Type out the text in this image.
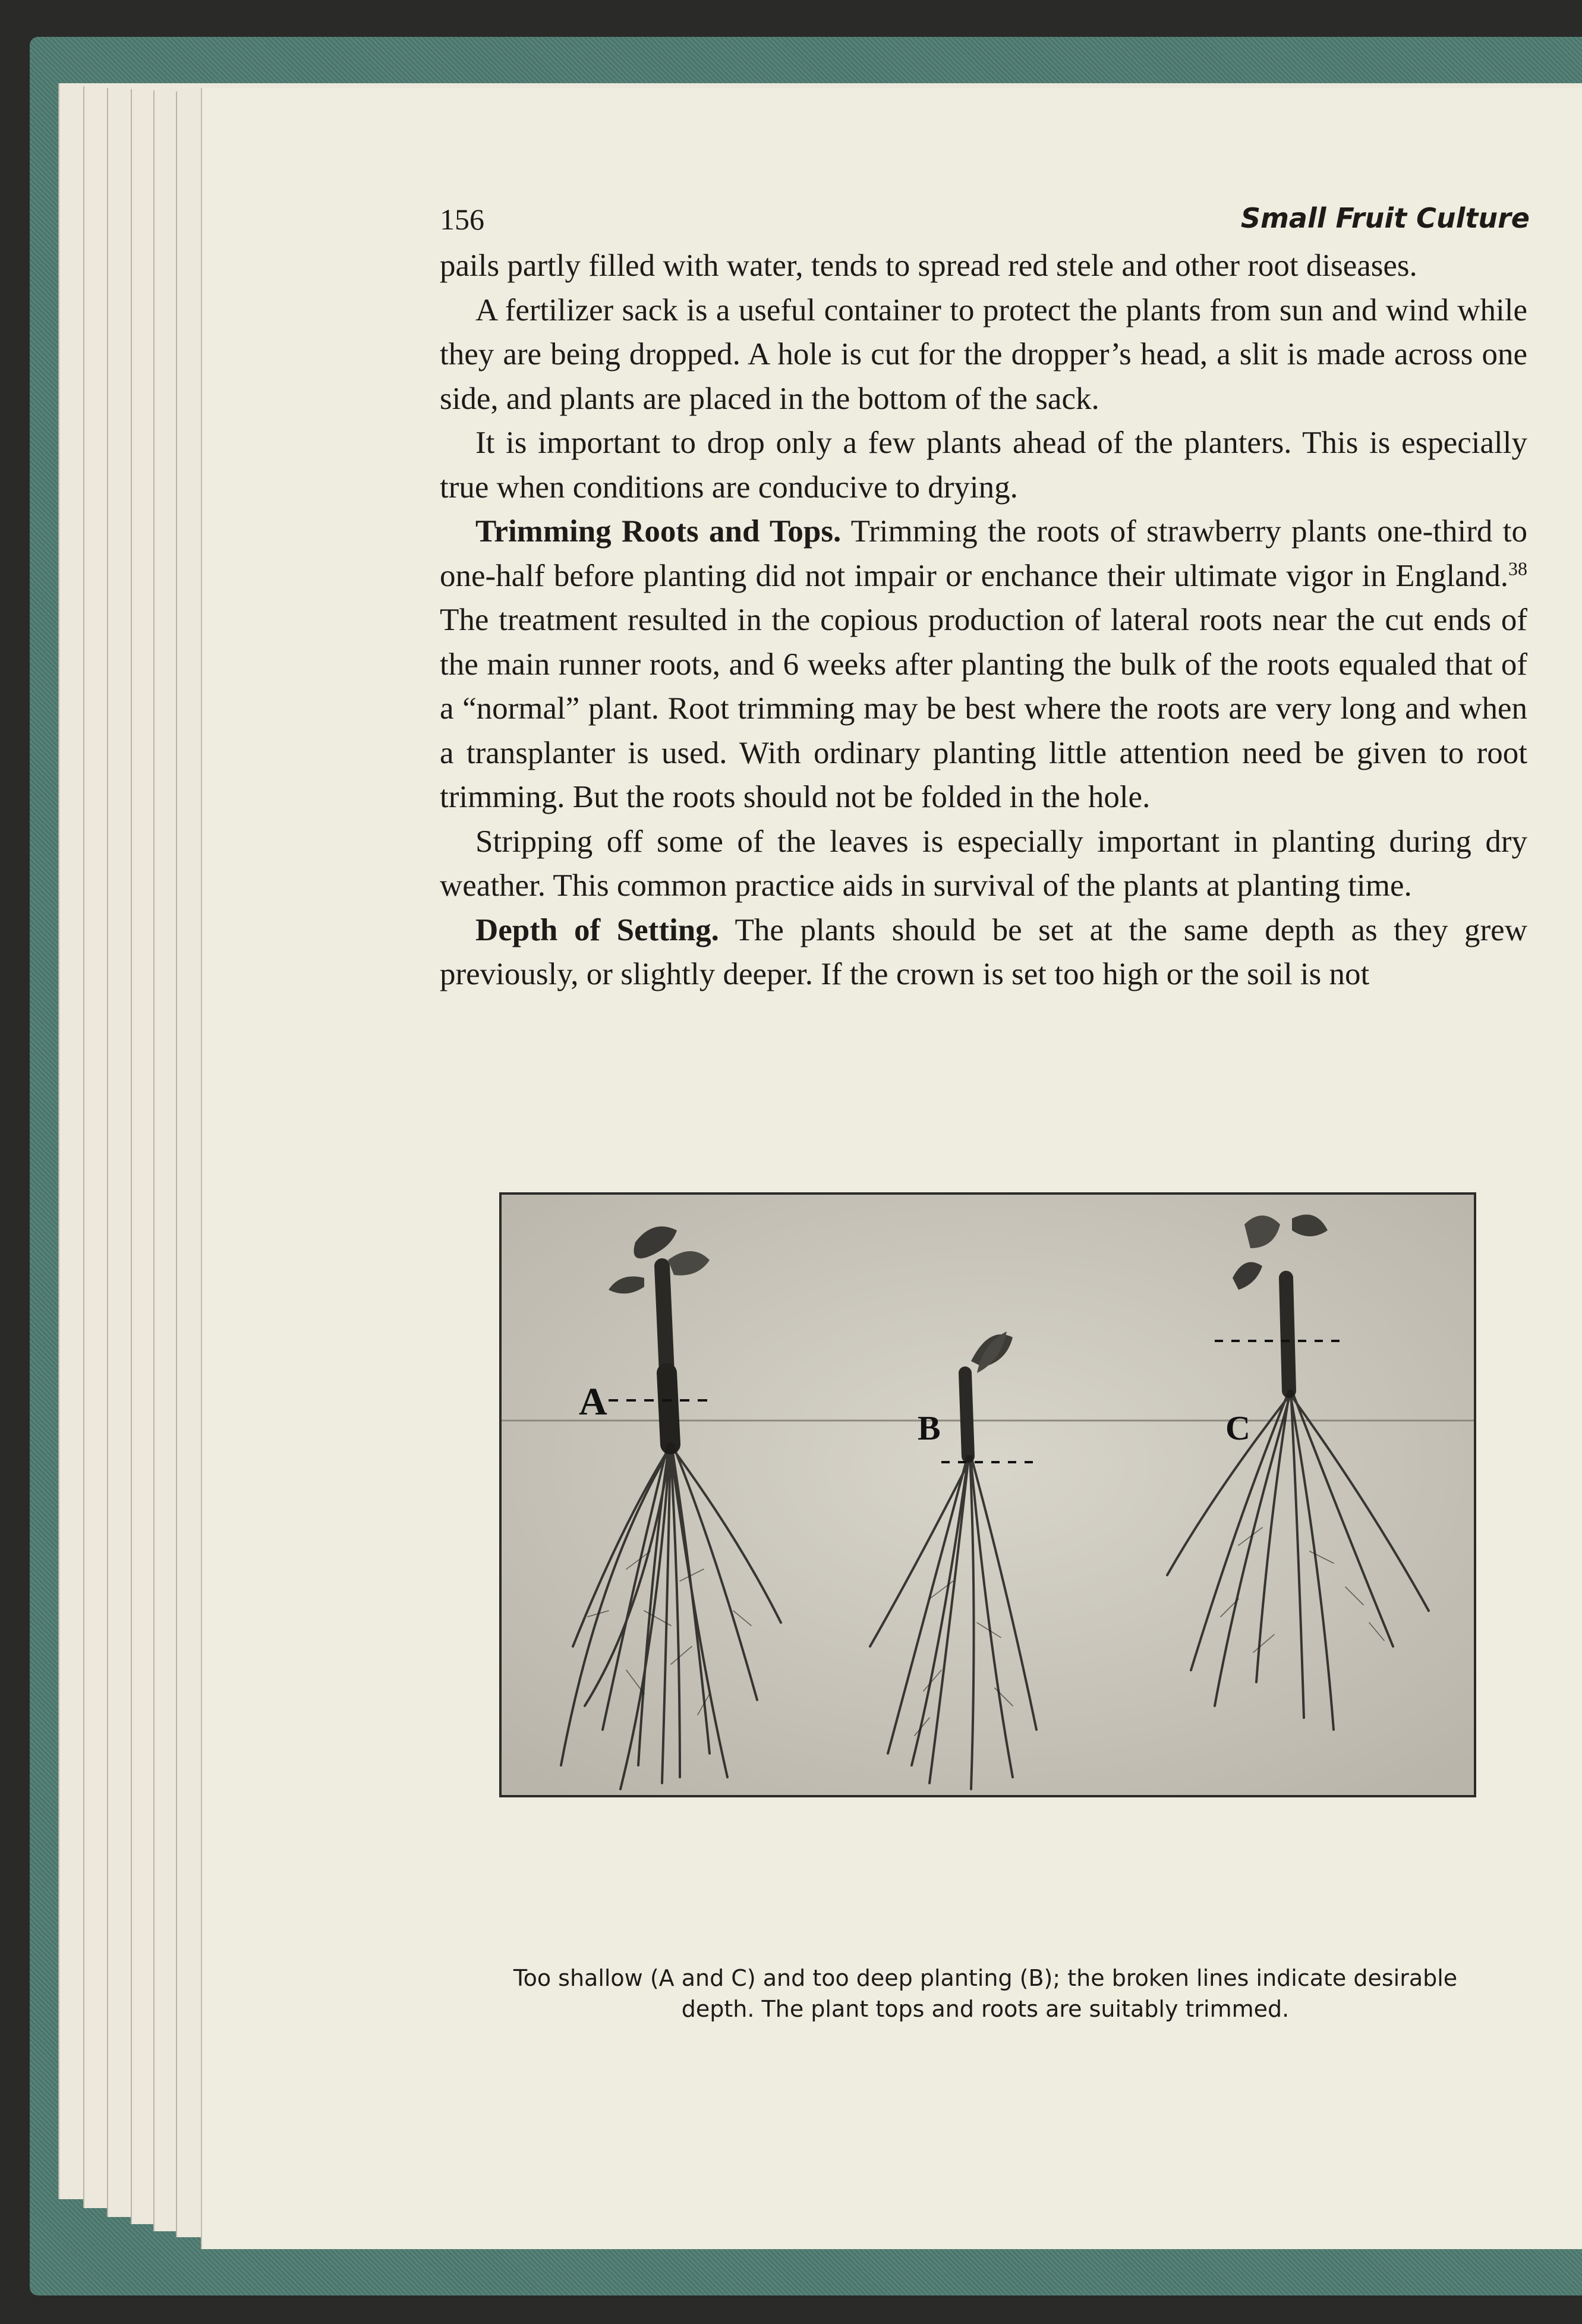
156	Small Fruit Culture

pails partly filled with water, tends to spread red stele and other root diseases.

A fertilizer sack is a useful container to protect the plants from sun and wind while they are being dropped. A hole is cut for the dropper’s head, a slit is made across one side, and plants are placed in the bottom of the sack.

It is important to drop only a few plants ahead of the planters. This is especially true when conditions are conducive to drying.

Trimming Roots and Tops. Trimming the roots of strawberry plants one-third to one-half before planting did not impair or enchance their ultimate vigor in England.$^{38}$ The treatment resulted in the copious production of lateral roots near the cut ends of the main runner roots, and 6 weeks after planting the bulk of the roots equaled that of a “normal” plant. Root trimming may be best where the roots are very long and when a transplanter is used. With ordinary planting little attention need be given to root trimming. But the roots should not be folded in the hole.

Stripping off some of the leaves is especially important in planting during dry weather. This common practice aids in survival of the plants at planting time.

Depth of Setting. The plants should be set at the same depth as they grew previously, or slightly deeper. If the crown is set too high or the soil is not

A
B	C
Too shallow (A and C) and too deep planting (B); the broken lines indicate desirable
depth. The plant tops and roots are suitably trimmed.
